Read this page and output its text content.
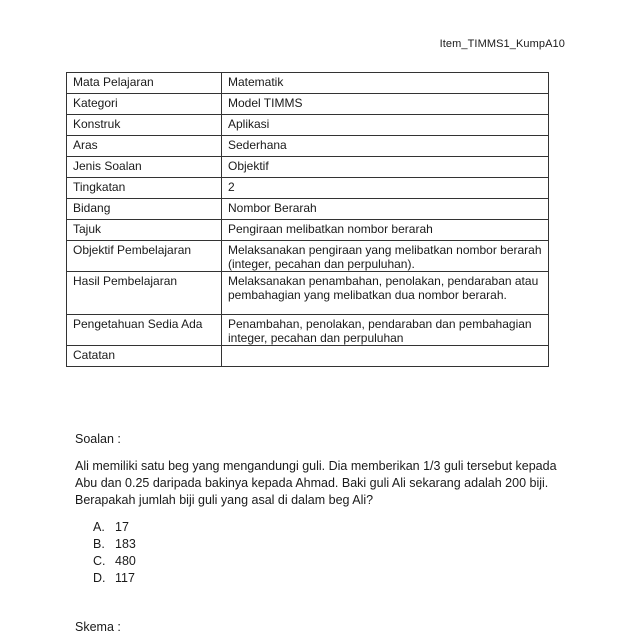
Item_TIMMS1_KumpA10
Mata Pelajaran	Matematik
Kategori	Model TIMMS
Konstruk	Aplikasi
Aras	Sederhana
Jenis Soalan	Objektif
Tingkatan	2
Bidang	Nombor Berarah
Tajuk	Pengiraan melibatkan nombor berarah
Objektif Pembelajaran	Melaksanakan pengiraan yang melibatkan nombor berarah (integer, pecahan dan perpuluhan).
Hasil Pembelajaran	Melaksanakan penambahan, penolakan, pendaraban atau pembahagian yang melibatkan dua nombor berarah.
Pengetahuan Sedia Ada	Penambahan, penolakan, pendaraban dan pembahagian integer, pecahan dan perpuluhan
Catatan	
Soalan :

Ali memiliki satu beg yang mengandungi guli. Dia memberikan 1/3 guli tersebut kepada Abu dan 0.25 daripada bakinya kepada Ahmad. Baki guli Ali sekarang adalah 200 biji. Berapakah jumlah biji guli yang asal di dalam beg Ali?

A. 17
B. 183
C. 480
D. 117
Skema :
